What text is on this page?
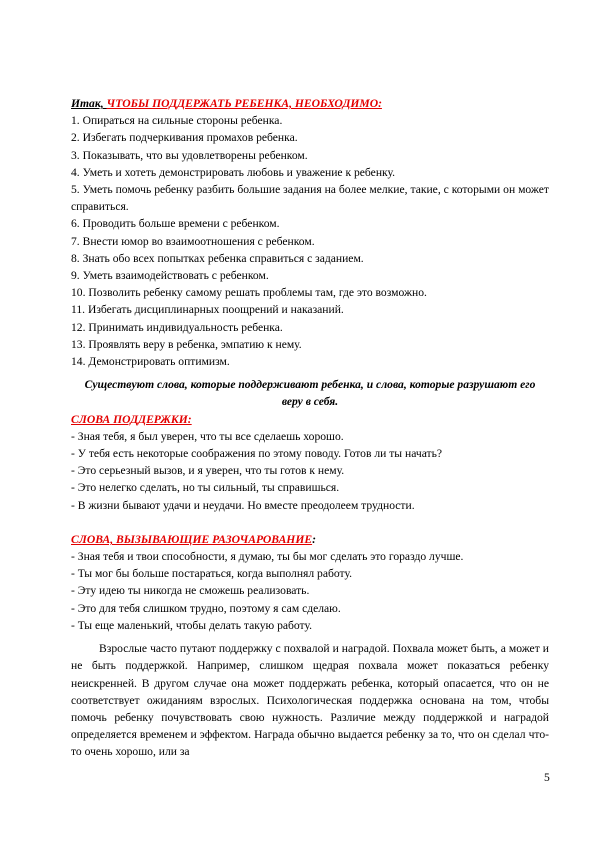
Итак, ЧТОБЫ ПОДДЕРЖАТЬ РЕБЕНКА, НЕОБХОДИМО:
1. Опираться на сильные стороны ребенка.
2. Избегать подчеркивания промахов ребенка.
3. Показывать, что вы удовлетворены ребенком.
4. Уметь и хотеть демонстрировать любовь и уважение к ребенку.
5. Уметь помочь ребенку разбить большие задания на более мелкие, такие, с которыми он может справиться.
6. Проводить больше времени с ребенком.
7. Внести юмор во взаимоотношения с ребенком.
8. Знать обо всех попытках ребенка справиться с заданием.
9. Уметь взаимодействовать с ребенком.
10. Позволить ребенку самому решать проблемы там, где это возможно.
11. Избегать дисциплинарных поощрений и наказаний.
12. Принимать индивидуальность ребенка.
13. Проявлять веру в ребенка, эмпатию к нему.
14. Демонстрировать оптимизм.
Существуют слова, которые поддерживают ребенка, и слова, которые разрушают его веру в себя.
СЛОВА ПОДДЕРЖКИ:
- Зная тебя, я был уверен, что ты все сделаешь хорошо.
- У тебя есть некоторые соображения по этому поводу. Готов ли ты начать?
- Это серьезный вызов, и я уверен, что ты готов к нему.
- Это нелегко сделать, но ты сильный, ты справишься.
- В жизни бывают удачи и неудачи. Но вместе преодолеем трудности.
СЛОВА, ВЫЗЫВАЮЩИЕ РАЗОЧАРОВАНИЕ:
- Зная тебя и твои способности, я думаю, ты бы мог сделать это гораздо лучше.
- Ты мог бы больше постараться, когда выполнял работу.
- Эту идею ты никогда не сможешь реализовать.
- Это для тебя слишком трудно, поэтому я сам сделаю.
- Ты еще маленький, чтобы делать такую работу.

Взрослые часто путают поддержку с похвалой и наградой. Похвала может быть, а может и не быть поддержкой. Например, слишком щедрая похвала может показаться ребенку неискренней. В другом случае она может поддержать ребенка, который опасается, что он не соответствует ожиданиям взрослых. Психологическая поддержка основана на том, чтобы помочь ребенку почувствовать свою нужность. Различие между поддержкой и наградой определяется временем и эффектом. Награда обычно выдается ребенку за то, что он сделал что-то очень хорошо, или за

5
